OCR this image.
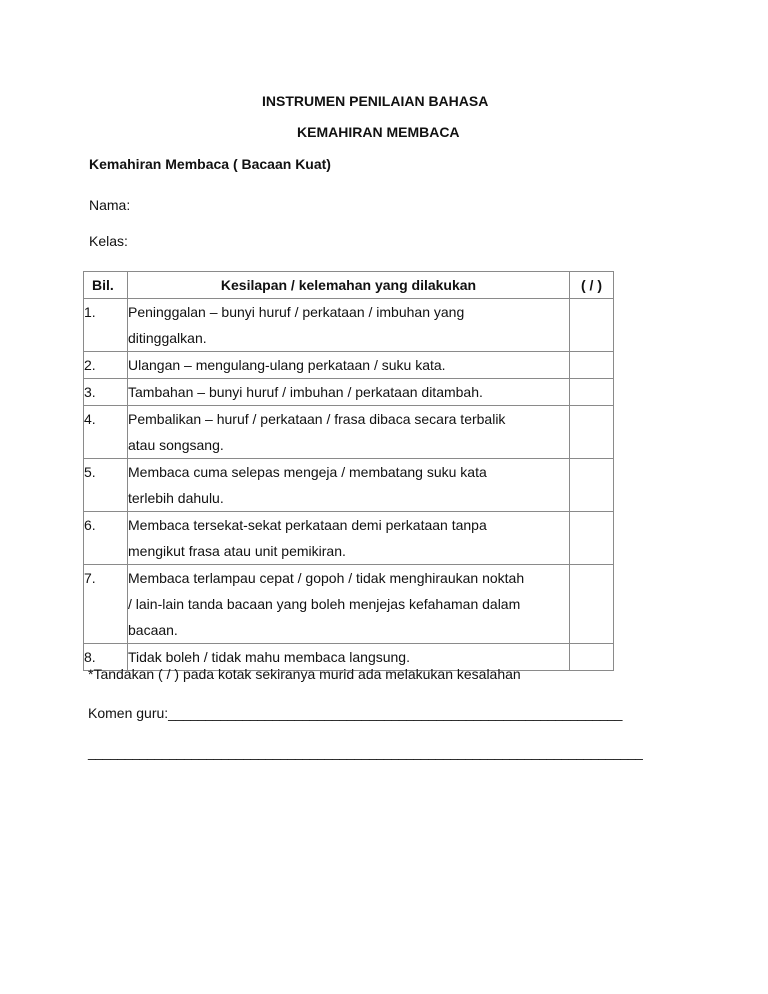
INSTRUMEN PENILAIAN BAHASA
KEMAHIRAN MEMBACA
Kemahiran Membaca ( Bacaan Kuat)
Nama:
Kelas:
Bil.	Kesilapan / kelemahan yang dilakukan	( / )
1.	Peninggalan – bunyi huruf / perkataan / imbuhan yang
ditinggalkan.	

2.	Ulangan – mengulang-ulang perkataan / suku kata.	

3.	Tambahan – bunyi huruf / imbuhan / perkataan ditambah.	

4.	Pembalikan – huruf / perkataan / frasa dibaca secara terbalik
atau songsang.	

5.	Membaca cuma selepas mengeja / membatang suku kata
terlebih dahulu.	

6.	Membaca tersekat-sekat perkataan demi perkataan tanpa
mengikut frasa atau unit pemikiran.	

7.	Membaca terlampau cepat / gopoh / tidak menghiraukan noktah
/ lain-lain tanda bacaan yang boleh menjejas kefahaman dalam
bacaan.	

8.	Tidak boleh / tidak mahu membaca langsung.	

*Tandakan ( / ) pada kotak sekiranya murid ada melakukan kesalahan
Komen guru:_____________________________________________________________
___________________________________________________________________________
